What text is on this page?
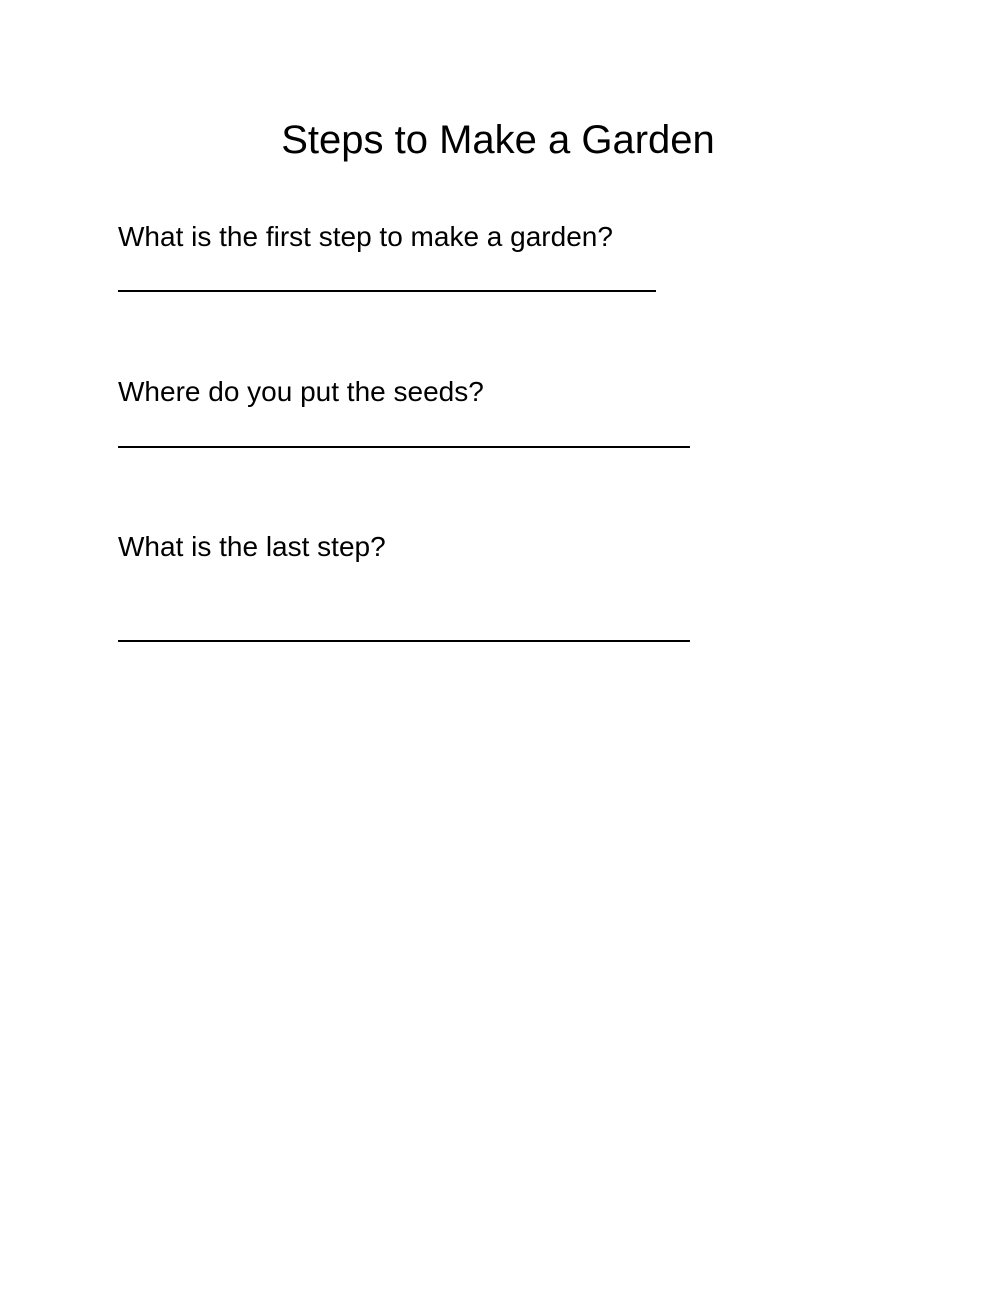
Steps to Make a Garden

What is the first step to make a garden?

Where do you put the seeds?

What is the last step?
